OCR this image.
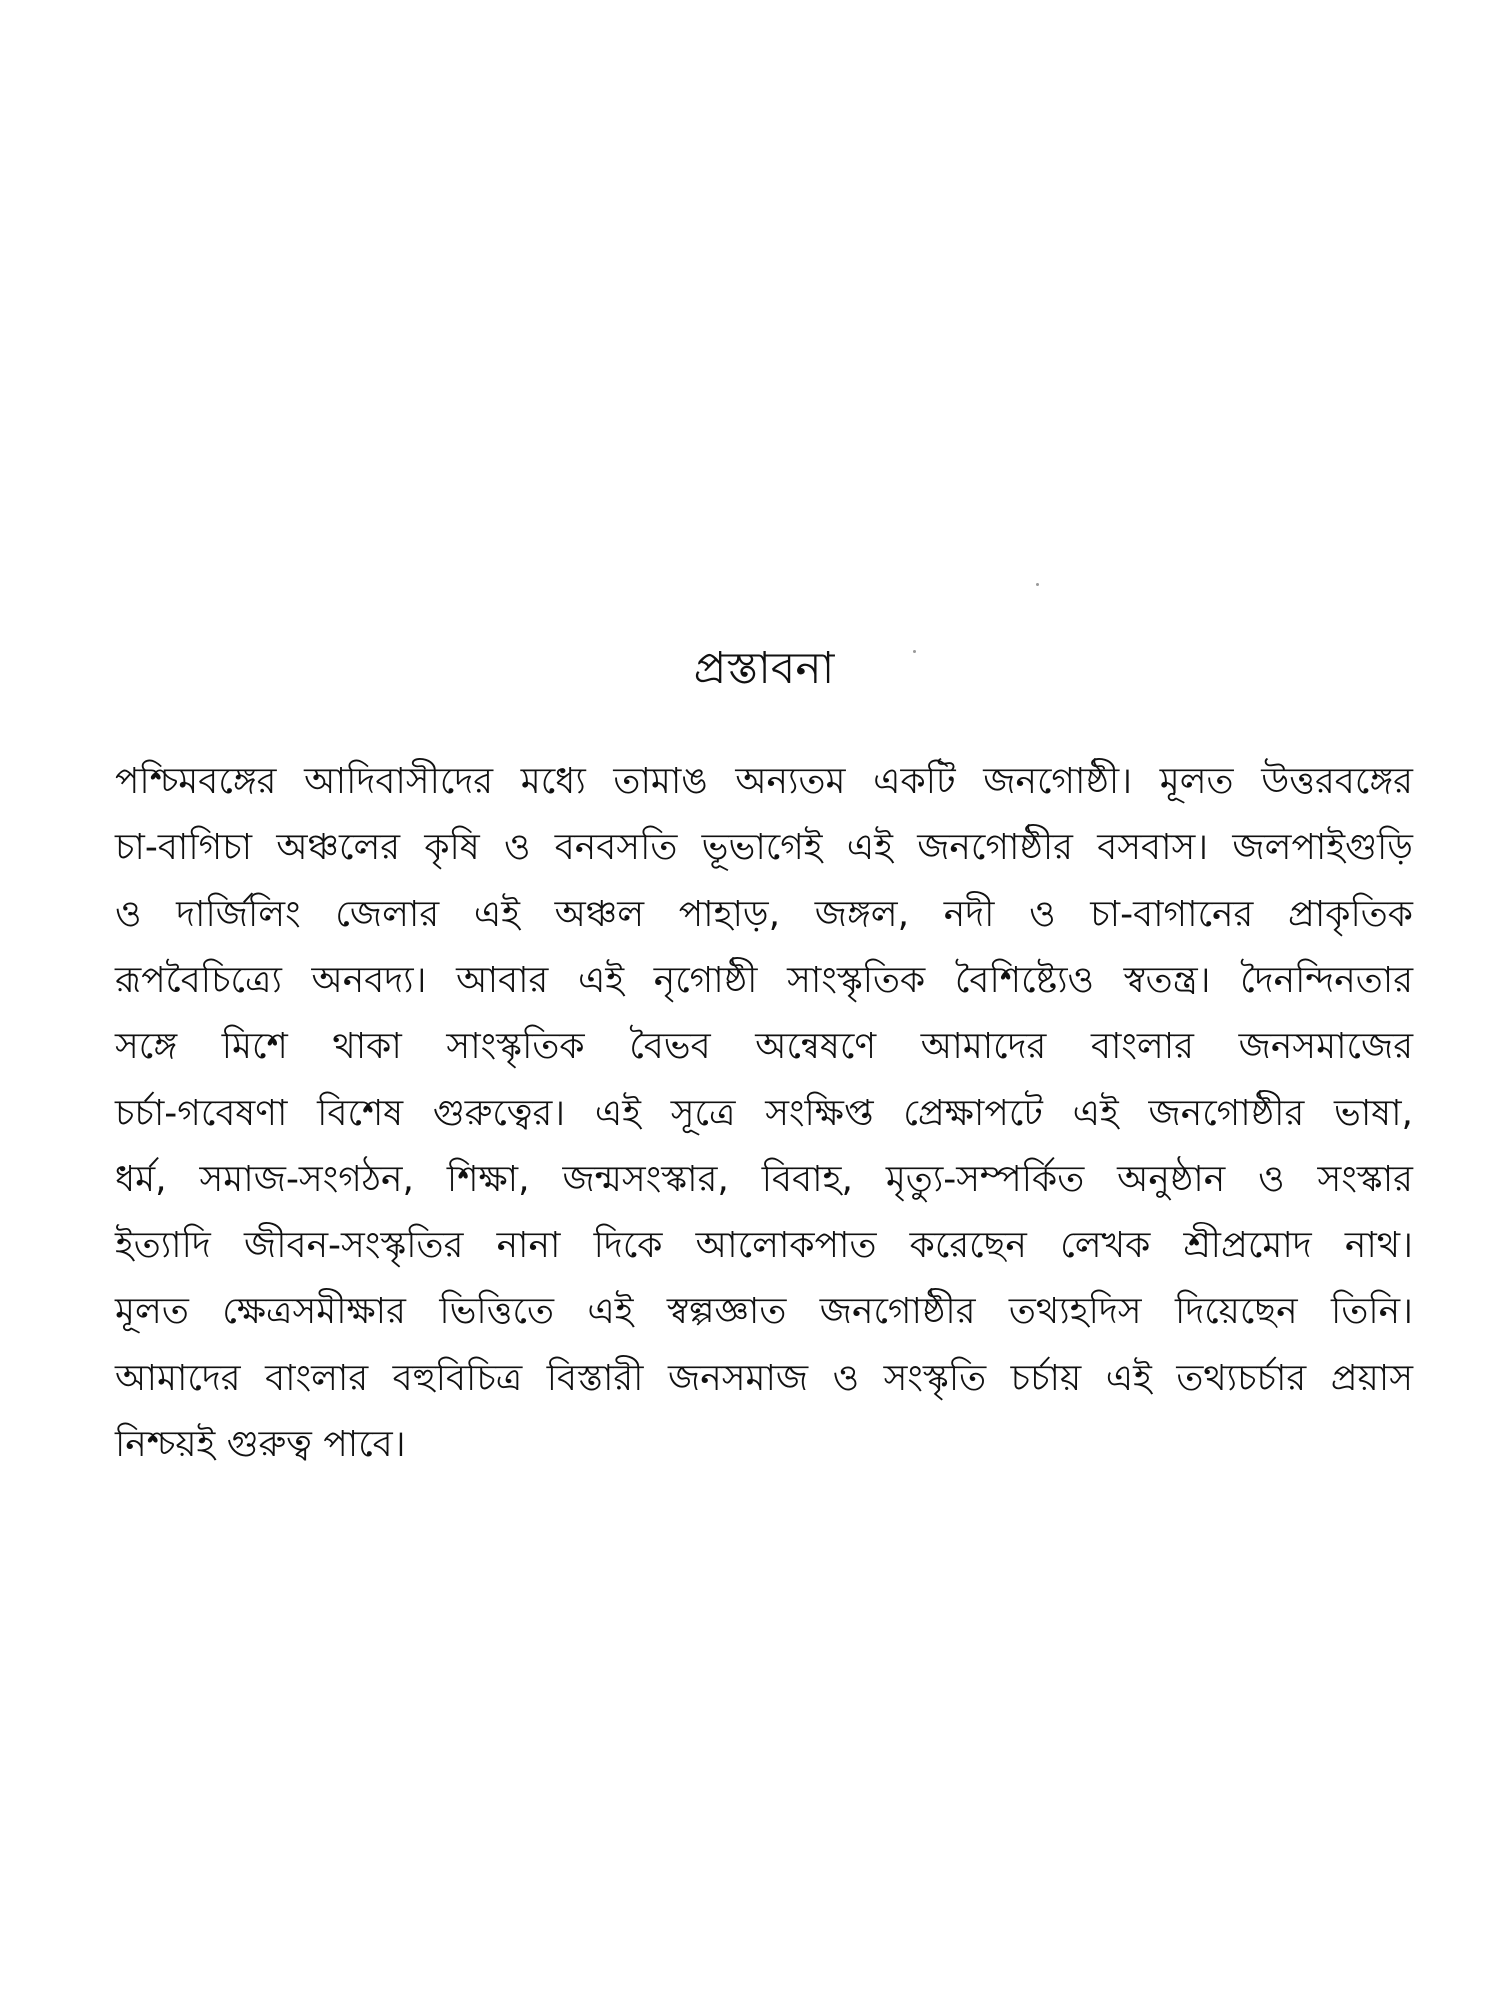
প্রস্তাবনা
পশ্চিমবঙ্গের আদিবাসীদের মধ্যে তামাঙ অন্যতম একটি জনগোষ্ঠী। মূলত উত্তরবঙ্গের
চা-বাগিচা অঞ্চলের কৃষি ও বনবসতি ভূভাগেই এই জনগোষ্ঠীর বসবাস। জলপাইগুড়ি
ও দার্জিলিং জেলার এই অঞ্চল পাহাড়, জঙ্গল, নদী ও চা-বাগানের প্রাকৃতিক
রূপবৈচিত্র্যে অনবদ্য। আবার এই নৃগোষ্ঠী সাংস্কৃতিক বৈশিষ্ট্যেও স্বতন্ত্র। দৈনন্দিনতার
সঙ্গে মিশে থাকা সাংস্কৃতিক বৈভব অন্বেষণে আমাদের বাংলার জনসমাজের
চর্চা-গবেষণা বিশেষ গুরুত্বের। এই সূত্রে সংক্ষিপ্ত প্রেক্ষাপটে এই জনগোষ্ঠীর ভাষা,
ধর্ম, সমাজ-সংগঠন, শিক্ষা, জন্মসংস্কার, বিবাহ, মৃত্যু-সম্পর্কিত অনুষ্ঠান ও সংস্কার
ইত্যাদি জীবন-সংস্কৃতির নানা দিকে আলোকপাত করেছেন লেখক শ্রীপ্রমোদ নাথ।
মূলত ক্ষেত্রসমীক্ষার ভিত্তিতে এই স্বল্পজ্ঞাত জনগোষ্ঠীর তথ্যহদিস দিয়েছেন তিনি।
আমাদের বাংলার বহুবিচিত্র বিস্তারী জনসমাজ ও সংস্কৃতি চর্চায় এই তথ্যচর্চার প্রয়াস
নিশ্চয়ই গুরুত্ব পাবে।
